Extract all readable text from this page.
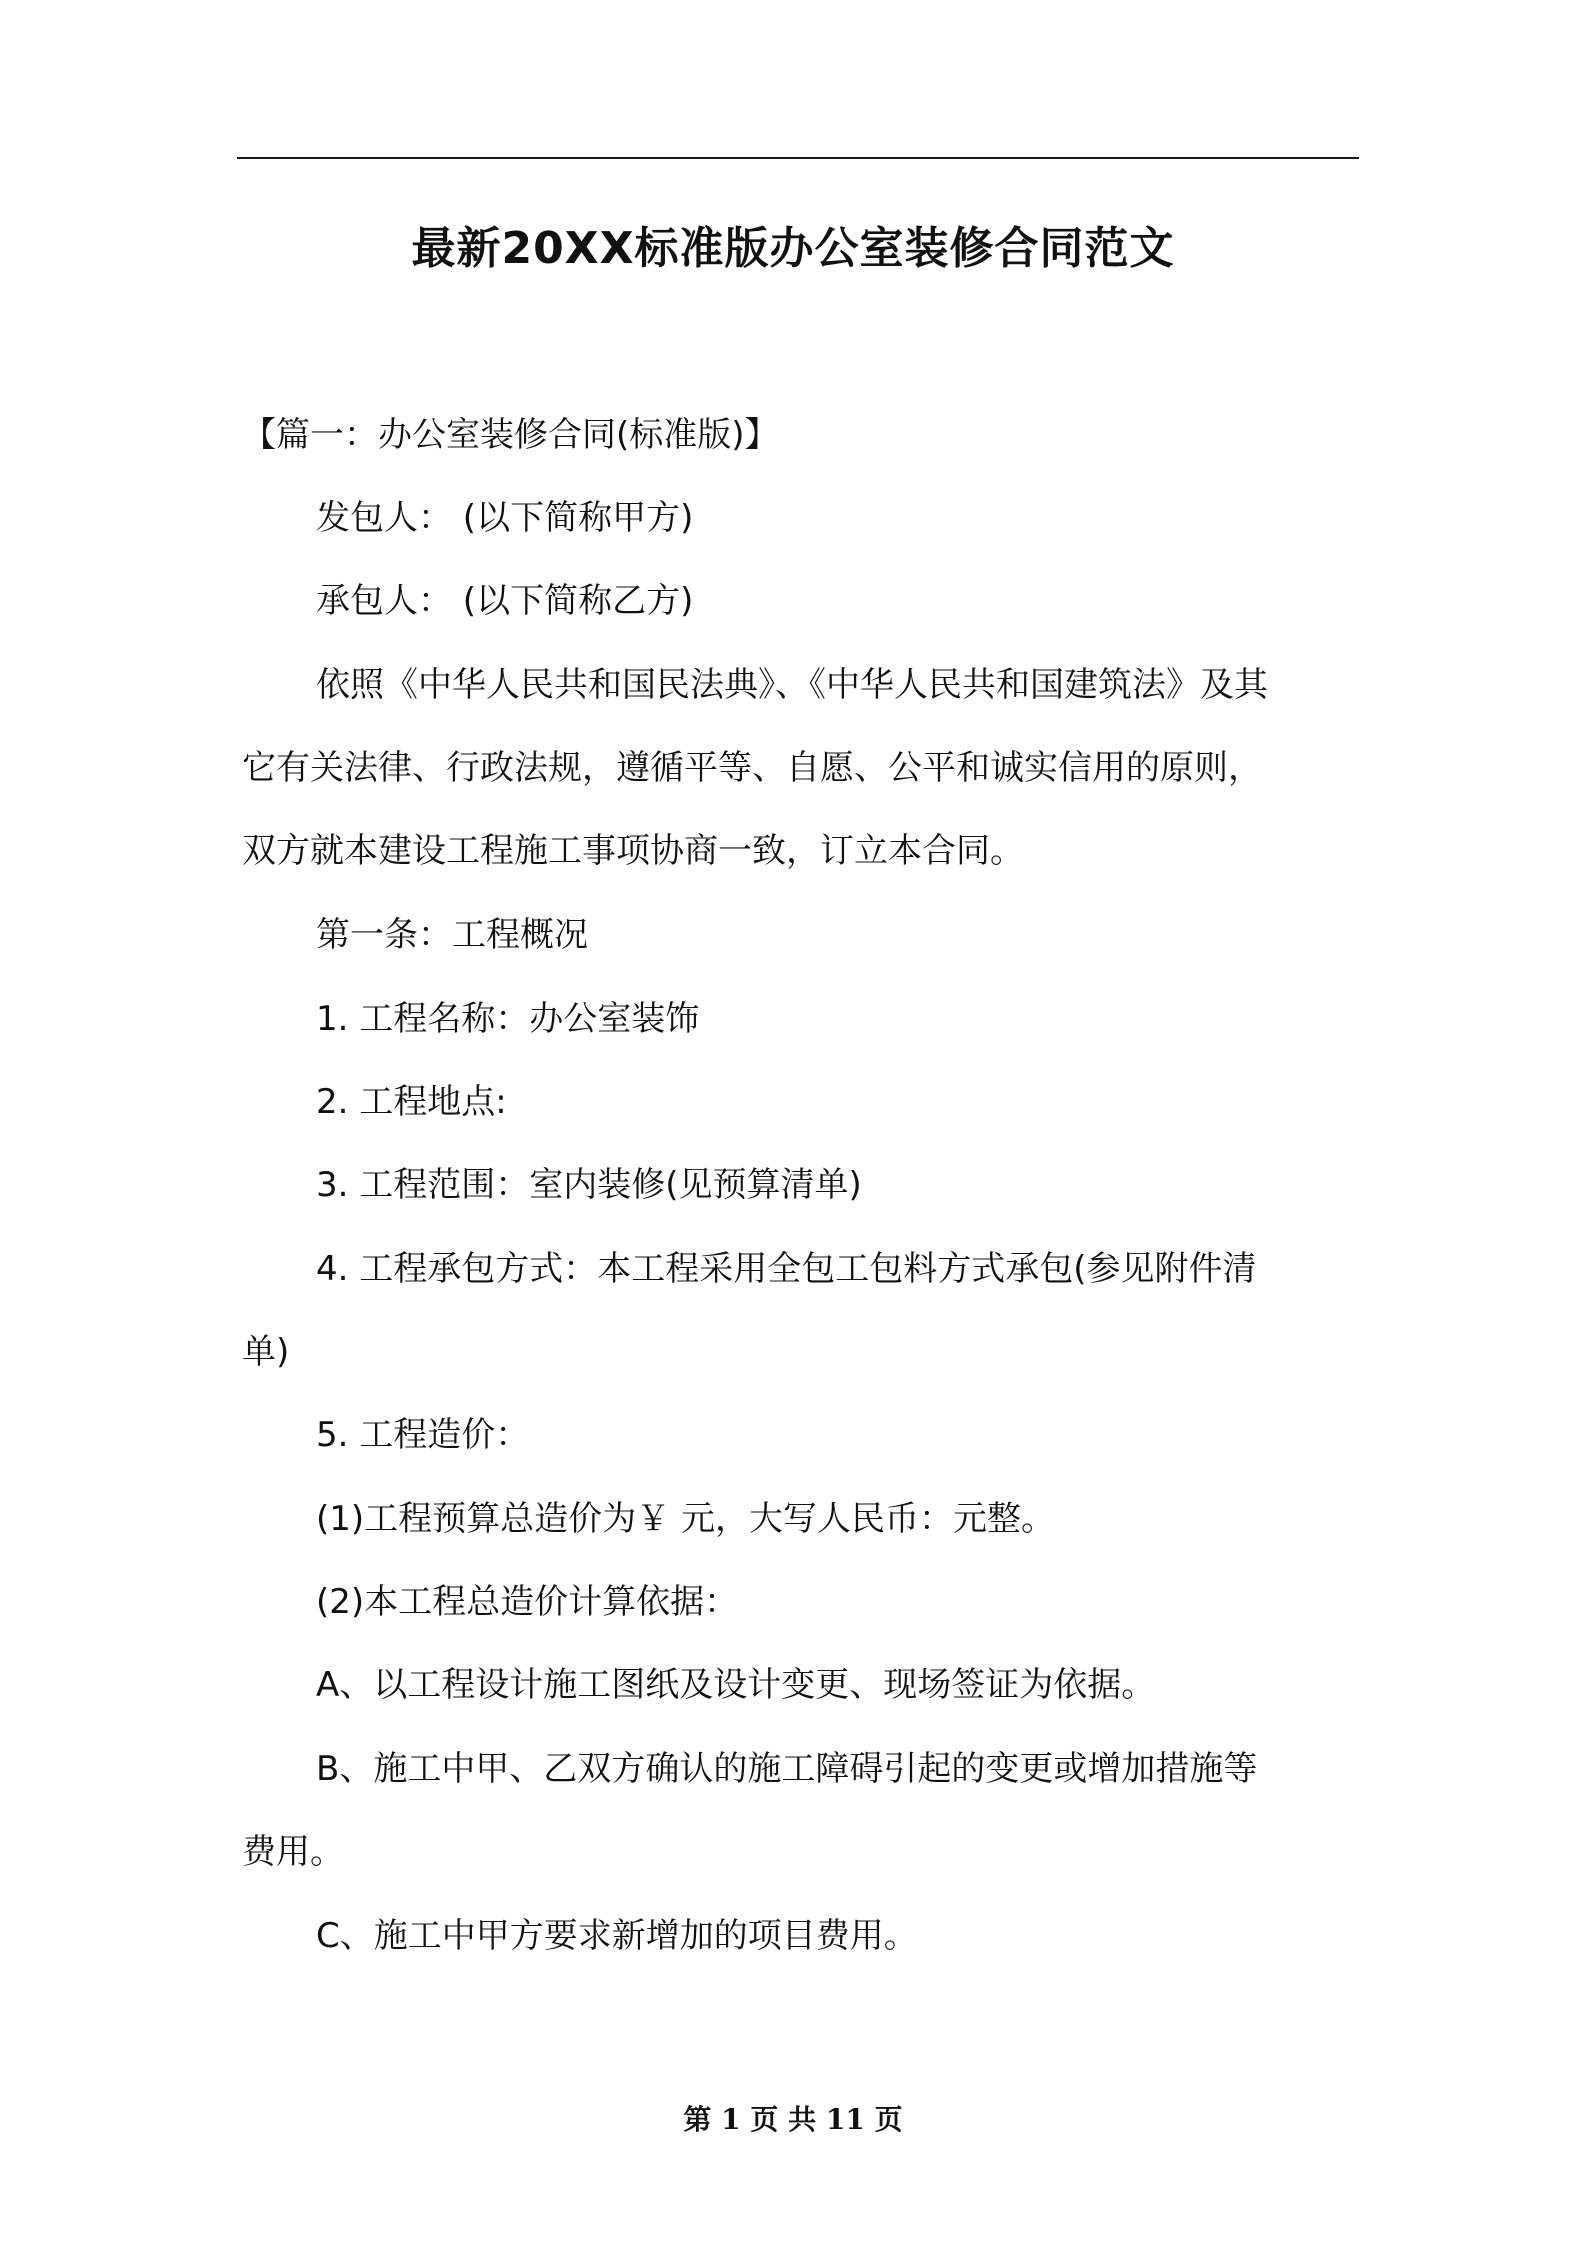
最新20XX标准版办公室装修合同范文
【篇一：办公室装修合同(标准版)】
发包人： (以下简称甲方)
承包人： (以下简称乙方)
依照《中华人民共和国民法典》、《中华人民共和国建筑法》及其
它有关法律、行政法规，遵循平等、自愿、公平和诚实信用的原则，
双方就本建设工程施工事项协商一致，订立本合同。
第一条：工程概况
1. 工程名称：办公室装饰
2. 工程地点:
3. 工程范围：室内装修(见预算清单)
4. 工程承包方式：本工程采用全包工包料方式承包(参见附件清
单)
5. 工程造价：
(1)工程预算总造价为￥ 元，大写人民币：元整。
(2)本工程总造价计算依据：
A、以工程设计施工图纸及设计变更、现场签证为依据。
B、施工中甲、乙双方确认的施工障碍引起的变更或增加措施等
费用。
C、施工中甲方要求新增加的项目费用。
第 1 页 共 11 页
